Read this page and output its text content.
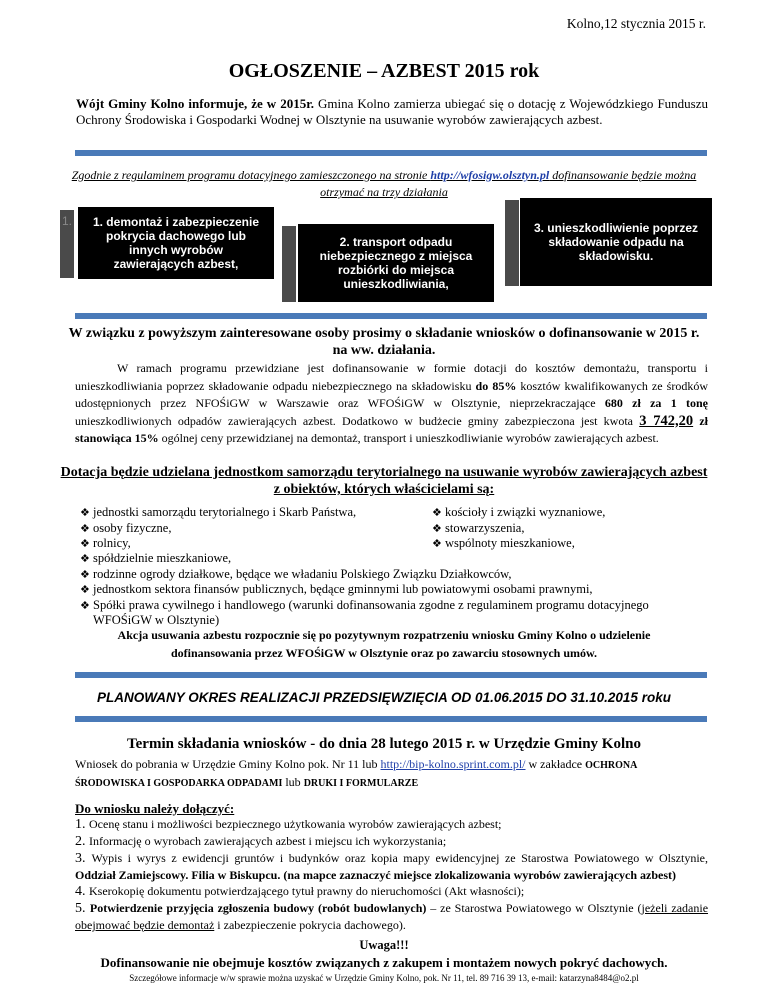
Kolno,12 stycznia 2015 r.
OGŁOSZENIE – AZBEST 2015 rok
Wójt Gminy Kolno informuje, że w 2015r. Gmina Kolno zamierza ubiegać się o dotację z Wojewódzkiego Funduszu Ochrony Środowiska i Gospodarki Wodnej w Olsztynie na usuwanie wyrobów zawierających azbest.
Zgodnie z regulaminem programu dotacyjnego zamieszczonego na stronie http://wfosigw.olsztyn.pl dofinansowanie będzie można otrzymać na trzy działania
1.	1. demontaż i zabezpieczenie pokrycia dachowego lub innych wyrobów zawierających azbest,
2. transport odpadu niebezpiecznego z miejsca rozbiórki do miejsca unieszkodliwiania,
3. unieszkodliwienie poprzez składowanie odpadu na składowisku.
W związku z powyższym zainteresowane osoby prosimy o składanie wniosków o dofinansowanie w 2015 r. na ww. działania.
W ramach programu przewidziane jest dofinansowanie w formie dotacji do kosztów demontażu, transportu i unieszkodliwiania poprzez składowanie odpadu niebezpiecznego na składowisku do 85% kosztów kwalifikowanych ze środków udostępnionych przez NFOŚiGW w Warszawie oraz WFOŚiGW w Olsztynie, nieprzekraczające 680 zł za 1 tonę unieszkodliwionych odpadów zawierających azbest. Dodatkowo w budżecie gminy zabezpieczona jest kwota 3 742,20 zł stanowiąca 15% ogólnej ceny przewidzianej na demontaż, transport i unieszkodliwianie wyrobów zawierających azbest.
Dotacja będzie udzielana jednostkom samorządu terytorialnego na usuwanie wyrobów zawierających azbest z obiektów, których właścicielami są:
❖ jednostki samorządu terytorialnego i Skarb Państwa,
❖ osoby fizyczne,
❖ rolnicy,
❖ kościoły i związki wyznaniowe,
❖ stowarzyszenia,
❖ wspólnoty mieszkaniowe,
❖ spółdzielnie mieszkaniowe,
❖ rodzinne ogrody działkowe, będące we władaniu Polskiego Związku Działkowców,
❖ jednostkom sektora finansów publicznych, będące gminnymi lub powiatowymi osobami prawnymi,
❖ Spółki prawa cywilnego i handlowego (warunki dofinansowania zgodne z regulaminem programu dotacyjnego WFOŚiGW w Olsztynie)
Akcja usuwania azbestu rozpocznie się po pozytywnym rozpatrzeniu wniosku Gminy Kolno o udzielenie dofinansowania przez WFOŚiGW w Olsztynie oraz po zawarciu stosownych umów.
PLANOWANY OKRES REALIZACJI PRZEDSIĘWZIĘCIA OD 01.06.2015 DO 31.10.2015 roku
Termin składania wniosków - do dnia 28 lutego 2015 r. w Urzędzie Gminy Kolno
Wniosek do pobrania w Urzędzie Gminy Kolno pok. Nr 11 lub http://bip-kolno.sprint.com.pl/ w zakładce OCHRONA ŚRODOWISKA I GOSPODARKA ODPADAMI lub DRUKI I FORMULARZE
Do wniosku należy dołączyć:
1. Ocenę stanu i możliwości bezpiecznego użytkowania wyrobów zawierających azbest;
2. Informację o wyrobach zawierających azbest i miejscu ich wykorzystania;
3. Wypis i wyrys z ewidencji gruntów i budynków oraz kopia mapy ewidencyjnej ze Starostwa Powiatowego w Olsztynie, Oddział Zamiejscowy. Filia w Biskupcu. (na mapce zaznaczyć miejsce zlokalizowania wyrobów zawierających azbest)
4. Kserokopię dokumentu potwierdzającego tytuł prawny do nieruchomości (Akt własności);
5. Potwierdzenie przyjęcia zgłoszenia budowy (robót budowlanych) – ze Starostwa Powiatowego w Olsztynie (jeżeli zadanie obejmować będzie demontaż i zabezpieczenie pokrycia dachowego).
Uwaga!!!
Dofinansowanie nie obejmuje kosztów związanych z zakupem i montażem nowych pokryć dachowych.
Szczegółowe informacje w/w sprawie można uzyskać w Urzędzie Gminy Kolno, pok. Nr 11, tel. 89 716 39 13, e-mail: katarzyna8484@o2.pl
